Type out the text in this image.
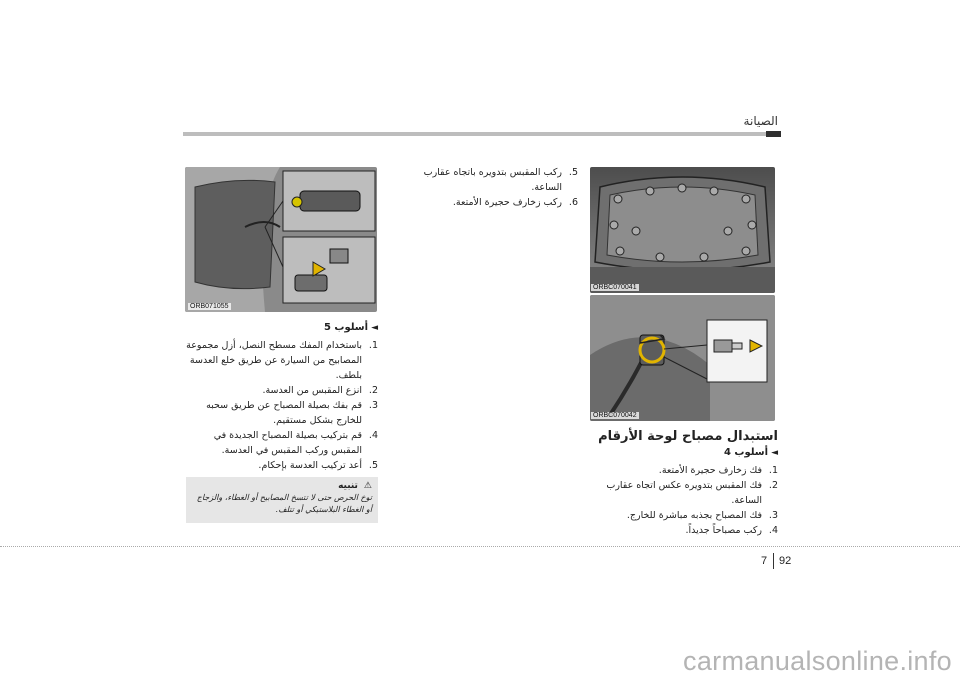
الصيانة
ORBC070041
ORBC070042
ORB071055
5.
ركب المقبس بتدويره باتجاه عقارب الساعة.
6.
ركب زخارف حجيرة الأمتعة.
استبدال مصباح لوحة الأرقام
◄أسلوب 4
1.
فك زخارف حجيرة الأمتعة.
2.
فك المقبس بتدويره عكس اتجاه عقارب الساعة.
3.
فك المصباح بجذبه مباشرة للخارج.
4.
ركب مصباحاً جديداً.
◄أسلوب 5
1.
باستخدام المفك مسطح النصل، أزل مجموعة المصابيح من السيارة عن طريق خلع العدسة بلطف.
2.
انزع المقبس من العدسة.
3.
قم بفك بصيلة المصباح عن طريق سحبه للخارج بشكل مستقيم.
4.
قم بتركيب بصيلة المصباح الجديدة في المقبس وركب المقبس في العدسة.
5.
أعد تركيب العدسة بإحكام.
⚠
تنبيه
توخ الحرص حتى لا تتسخ المصابيح أو الغطاء، والزجاج أو الغطاء البلاستيكي أو تتلف.
7 92
carmanualsonline.info
